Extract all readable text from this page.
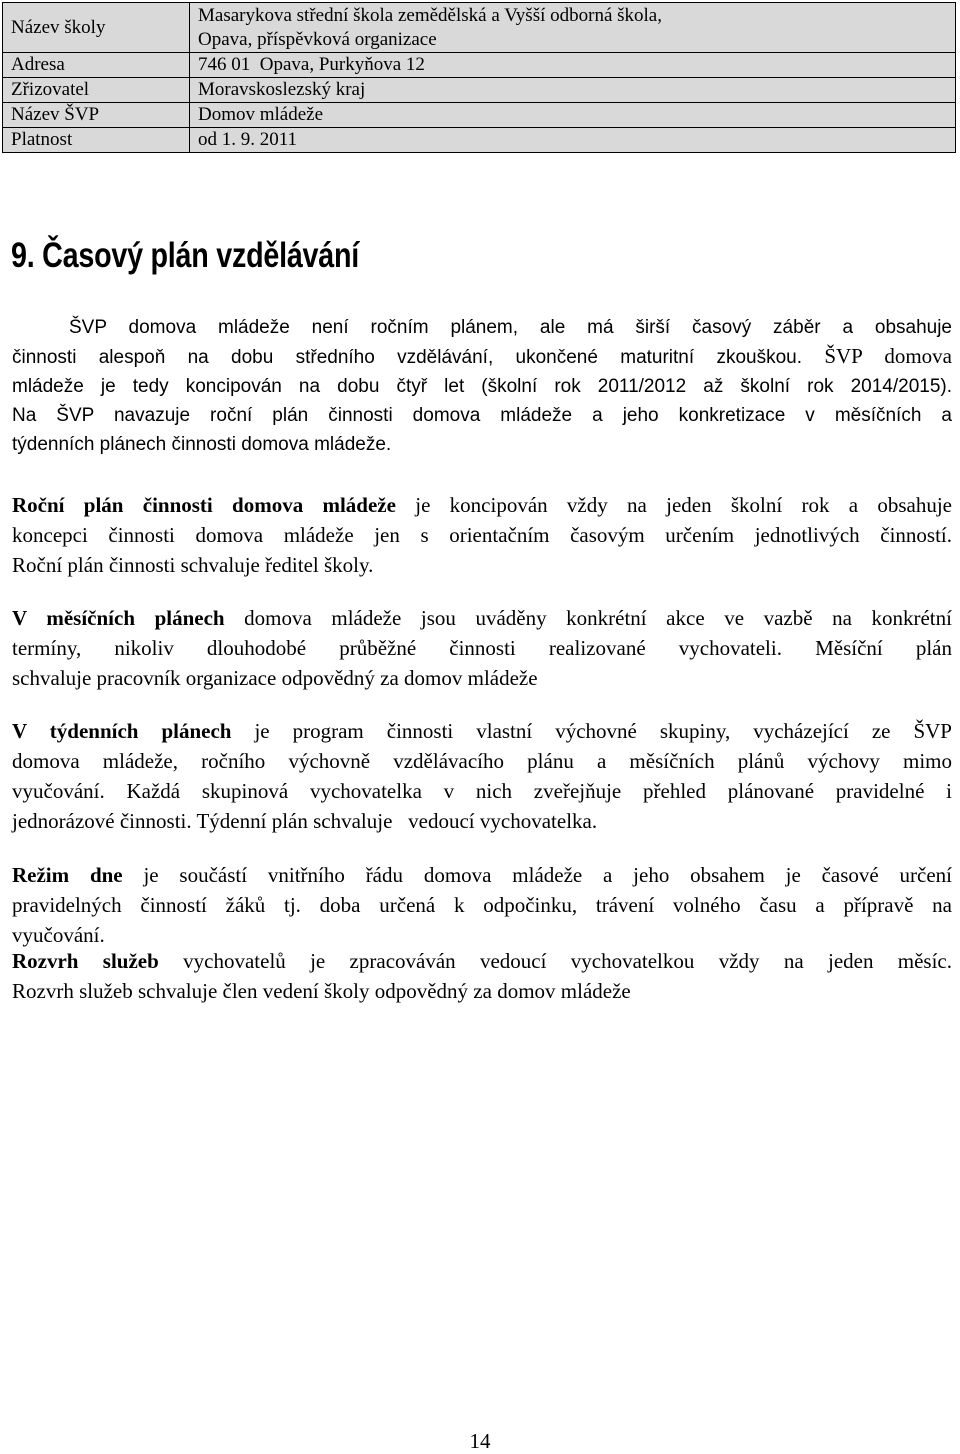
Název školy	Masarykova střední škola zemědělská a Vyšší odborná škola,
Opava, příspěvková organizace

Adresa	746 01  Opava, Purkyňova 12
Zřizovatel	Moravskoslezský kraj
Název ŠVP	Domov mládeže
Platnost	od 1. 9. 2011
9. Časový plán vzdělávání
ŠVP domova mládeže není ročním plánem, ale má širší časový záběr a obsahuje
činnosti alespoň na dobu středního vzdělávání, ukončené maturitní zkouškou. ŠVP domova
mládeže je tedy koncipován na dobu čtyř let (školní rok 2011/2012 až školní rok 2014/2015).
Na ŠVP navazuje roční plán činnosti domova mládeže a jeho konkretizace v měsíčních a
týdenních plánech činnosti domova mládeže.
Roční plán činnosti domova mládeže je koncipován vždy na jeden školní rok a obsahuje
koncepci činnosti domova mládeže jen s orientačním časovým určením jednotlivých činností.
Roční plán činnosti schvaluje ředitel školy.
V měsíčních plánech domova mládeže jsou uváděny konkrétní akce ve vazbě na konkrétní
termíny, nikoliv dlouhodobé průběžné činnosti realizované vychovateli. Měsíční plán
schvaluje pracovník organizace odpovědný za domov mládeže
V týdenních plánech je program činnosti vlastní výchovné skupiny, vycházející ze ŠVP
domova mládeže, ročního výchovně vzdělávacího plánu a měsíčních plánů výchovy mimo
vyučování. Každá skupinová vychovatelka v nich zveřejňuje přehled plánované pravidelné i
jednorázové činnosti. Týdenní plán schvaluje   vedoucí vychovatelka.
Režim dne je součástí vnitřního řádu domova mládeže a jeho obsahem je časové určení
pravidelných činností žáků tj. doba určená k odpočinku, trávení volného času a přípravě na
vyučování.
Rozvrh služeb vychovatelů je zpracováván vedoucí vychovatelkou vždy na jeden měsíc.
Rozvrh služeb schvaluje člen vedení školy odpovědný za domov mládeže
14
